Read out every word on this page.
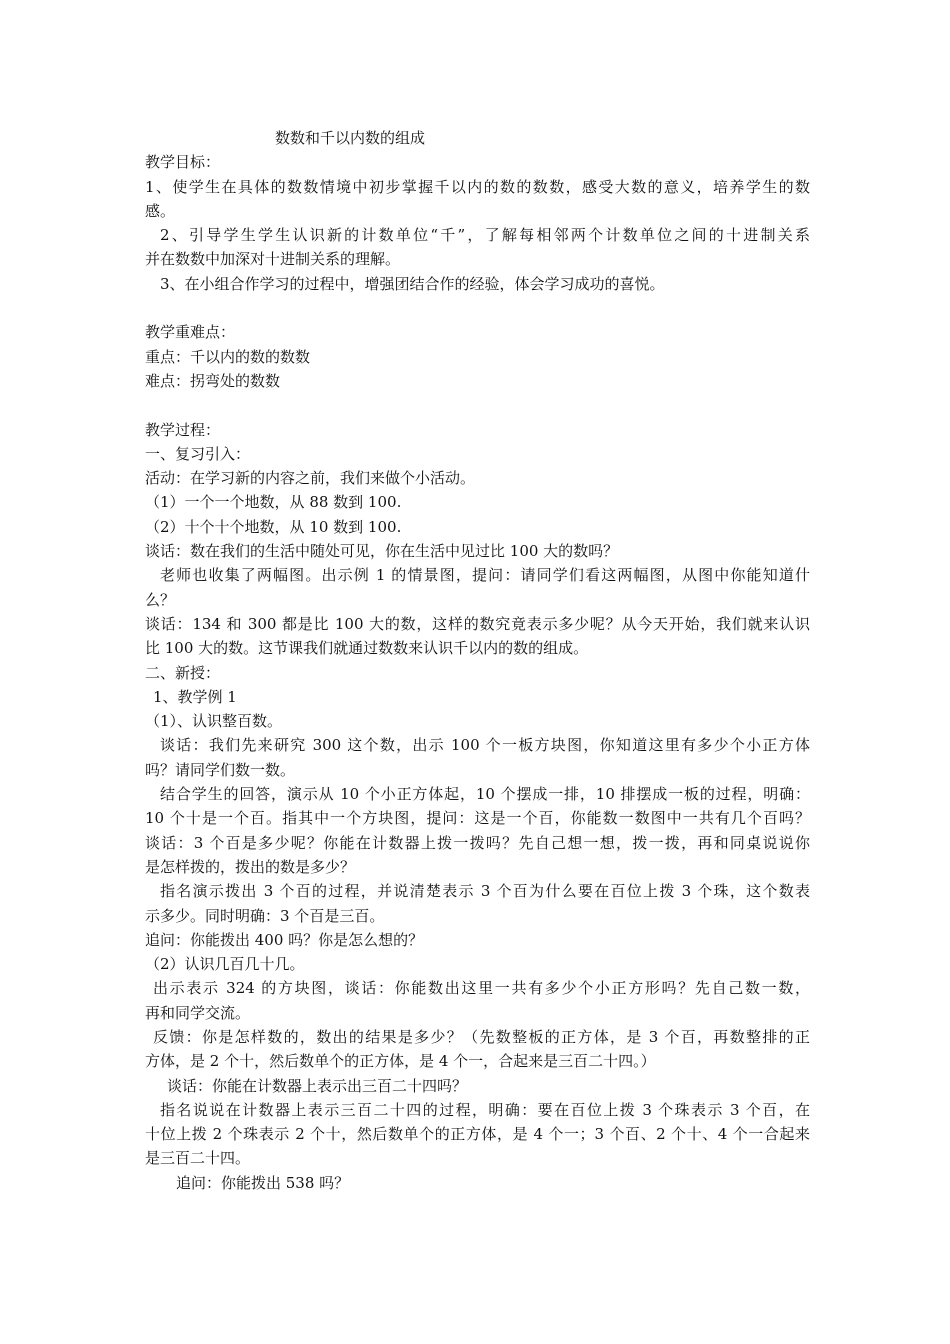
数数和千以内数的组成
教学目标：
1、使学生在具体的数数情境中初步掌握千以内的数的数数，感受大数的意义，培养学生的数
感。
2、引导学生学生认识新的计数单位“千”，了解每相邻两个计数单位之间的十进制关系
并在数数中加深对十进制关系的理解。
3、在小组合作学习的过程中，增强团结合作的经验，体会学习成功的喜悦。
教学重难点：
重点：千以内的数的数数
难点：拐弯处的数数
教学过程：
一、复习引入：
活动：在学习新的内容之前，我们来做个小活动。
（1）一个一个地数，从 88 数到 100.
（2）十个十个地数，从 10 数到 100.
谈话：数在我们的生活中随处可见，你在生活中见过比 100 大的数吗？
老师也收集了两幅图。出示例 1 的情景图，提问：请同学们看这两幅图，从图中你能知道什
么？
谈话：134 和 300 都是比 100 大的数，这样的数究竟表示多少呢？从今天开始，我们就来认识
比 100 大的数。这节课我们就通过数数来认识千以内的数的组成。
二、新授：
1、教学例 1
（1）、认识整百数。
谈话：我们先来研究 300 这个数，出示 100 个一板方块图，你知道这里有多少个小正方体
吗？请同学们数一数。
结合学生的回答，演示从 10 个小正方体起，10 个摆成一排，10 排摆成一板的过程，明确：
10 个十是一个百。指其中一个方块图，提问：这是一个百，你能数一数图中一共有几个百吗？
谈话：3 个百是多少呢？你能在计数器上拨一拨吗？先自己想一想，拨一拨，再和同桌说说你
是怎样拨的，拨出的数是多少？
指名演示拨出 3 个百的过程，并说清楚表示 3 个百为什么要在百位上拨 3 个珠，这个数表
示多少。同时明确：3 个百是三百。
追问：你能拨出 400 吗？你是怎么想的？
（2）认识几百几十几。
出示表示 324 的方块图，谈话：你能数出这里一共有多少个小正方形吗？先自己数一数，
再和同学交流。
反馈：你是怎样数的，数出的结果是多少？（先数整板的正方体，是 3 个百，再数整排的正
方体，是 2 个十，然后数单个的正方体，是 4 个一，合起来是三百二十四。）
谈话：你能在计数器上表示出三百二十四吗？
指名说说在计数器上表示三百二十四的过程，明确：要在百位上拨 3 个珠表示 3 个百，在
十位上拨 2 个珠表示 2 个十，然后数单个的正方体，是 4 个一；3 个百、2 个十、4 个一合起来
是三百二十四。
追问：你能拨出 538 吗？
